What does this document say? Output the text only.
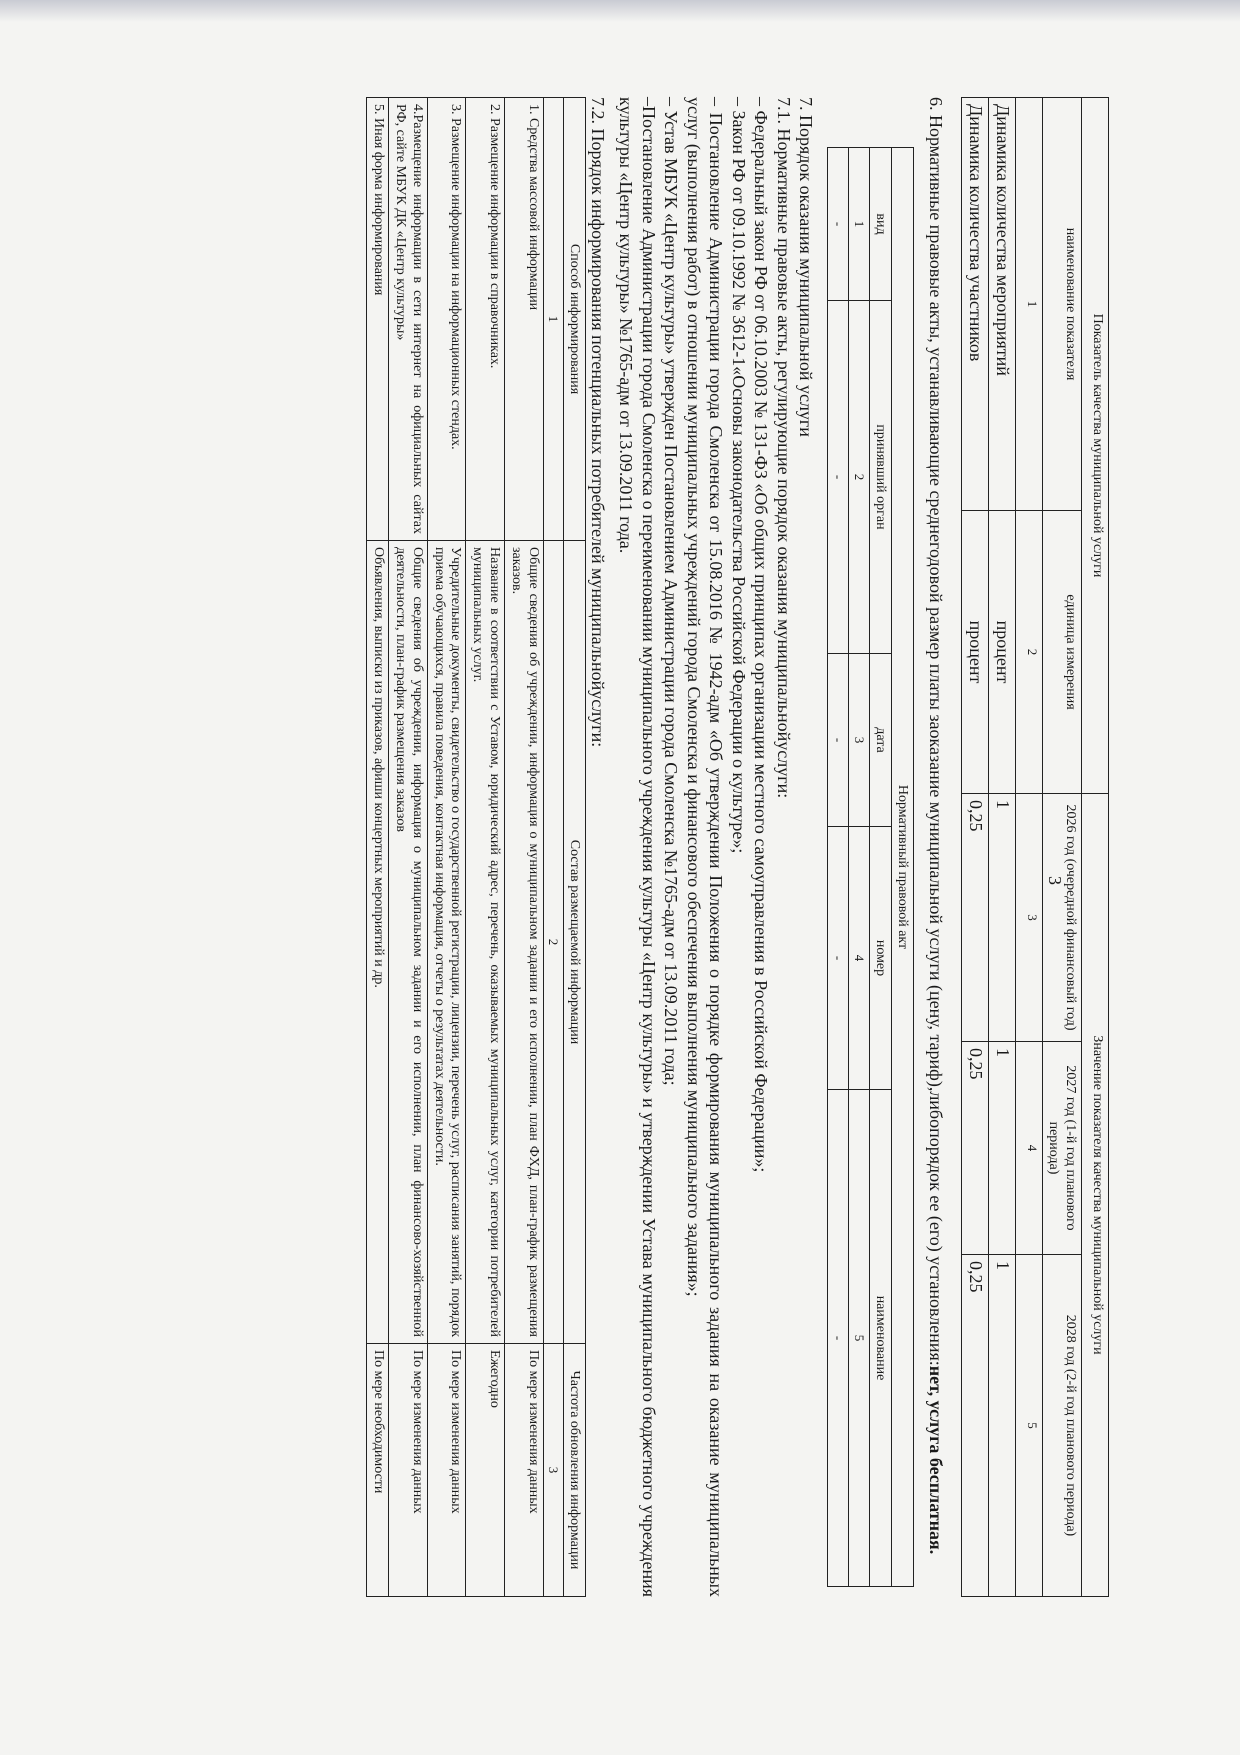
3
Показатель качества муниципальной услуги		Значение показателя качества муниципальной услуги		
наименование показателя	единица измерения	2026 год (очередной финансовый год)	2027 год (1-й год планового периода)	2028 год (2-й год планового периода)
1	2	3	4	5
Динамика количества мероприятий	процент	1	1	1
Динамика количества участников	процент	0,25	0,25	0,25

6. Нормативные правовые акты, устанавливающие среднегодовой размер платы заоказание муниципальной услуги (цену, тариф),либопорядок ее (его) установления:нет, услуга бесплатная.

Нормативный правовой акт				
вид	принявший орган	дата	номер	наименование
1	2	3	4	5
-	-	-	-	-

7. Порядок оказания муниципальной услуги

7.1. Нормативные правовые акты, регулирующие порядок оказания муниципальнойуслуги:

– Федеральный закон РФ от 06.10.2003 № 131-ФЗ «Об общих принципах организации местного самоуправления в Российской Федерации»;

– Закон РФ от 09.10.1992 № 3612-1«Основы законодательства Российской Федерации о культуре»;

– Постановление Администрации города Смоленска от 15.08.2016 № 1942-адм «Об утверждении Положения о порядке формирования муниципального задания на оказание муниципальных услуг (выполнения работ) в отношении муниципальных учреждений города Смоленска и финансового обеспечения выполнения муниципального задания»;

– Устав МБУК «Центр культуры» утвержден Постановлением Администрации города Смоленска №1765-адм от 13.09.2011 года;

–Постановление Администрации города Смоленска о переименовании муниципального учреждения культуры «Центр культуры» и утверждении Устава муниципального бюджетного учреждения культуры «Центр культуры» №1765-адм от 13.09.2011 года.

7.2. Порядок информирования потенциальных потребителей муниципальнойуслуги:

Способ информирования	Состав размещаемой информации	Частота обновления информации
1	2	3
1. Средства массовой информации	Общие сведения об учреждении, информация о муниципальном задании и его исполнении, план ФХД, план-график размещения заказов.	По мере изменения данных
2. Размещение информации в справочниках.	Название в соответствии с Уставом, юридический адрес, перечень, оказываемых муниципальных услуг, категории потребителей муниципальных услуг.	Ежегодно
3. Размещение информации на информационных стендах.	Учредительные документы, свидетельство о государственной регистрации, лицензии, перечень услуг, расписания занятий, порядок приема обучающихся, правила поведения, контактная информация, отчеты о результатах деятельности.	По мере изменения данных
4.Размещение информации в сети интернет на официальных сайтах РФ, сайте МБУК ДК «Центр культуры»	Общие сведения об учреждении, информация о муниципальном задании и его исполнении, план финансово-хозяйственной деятельности, план-график размещения заказов	По мере изменения данных
5. Иная форма информирования	Объявления, выписки из приказов, афиши концертных мероприятий и др.	По мере необходимости
